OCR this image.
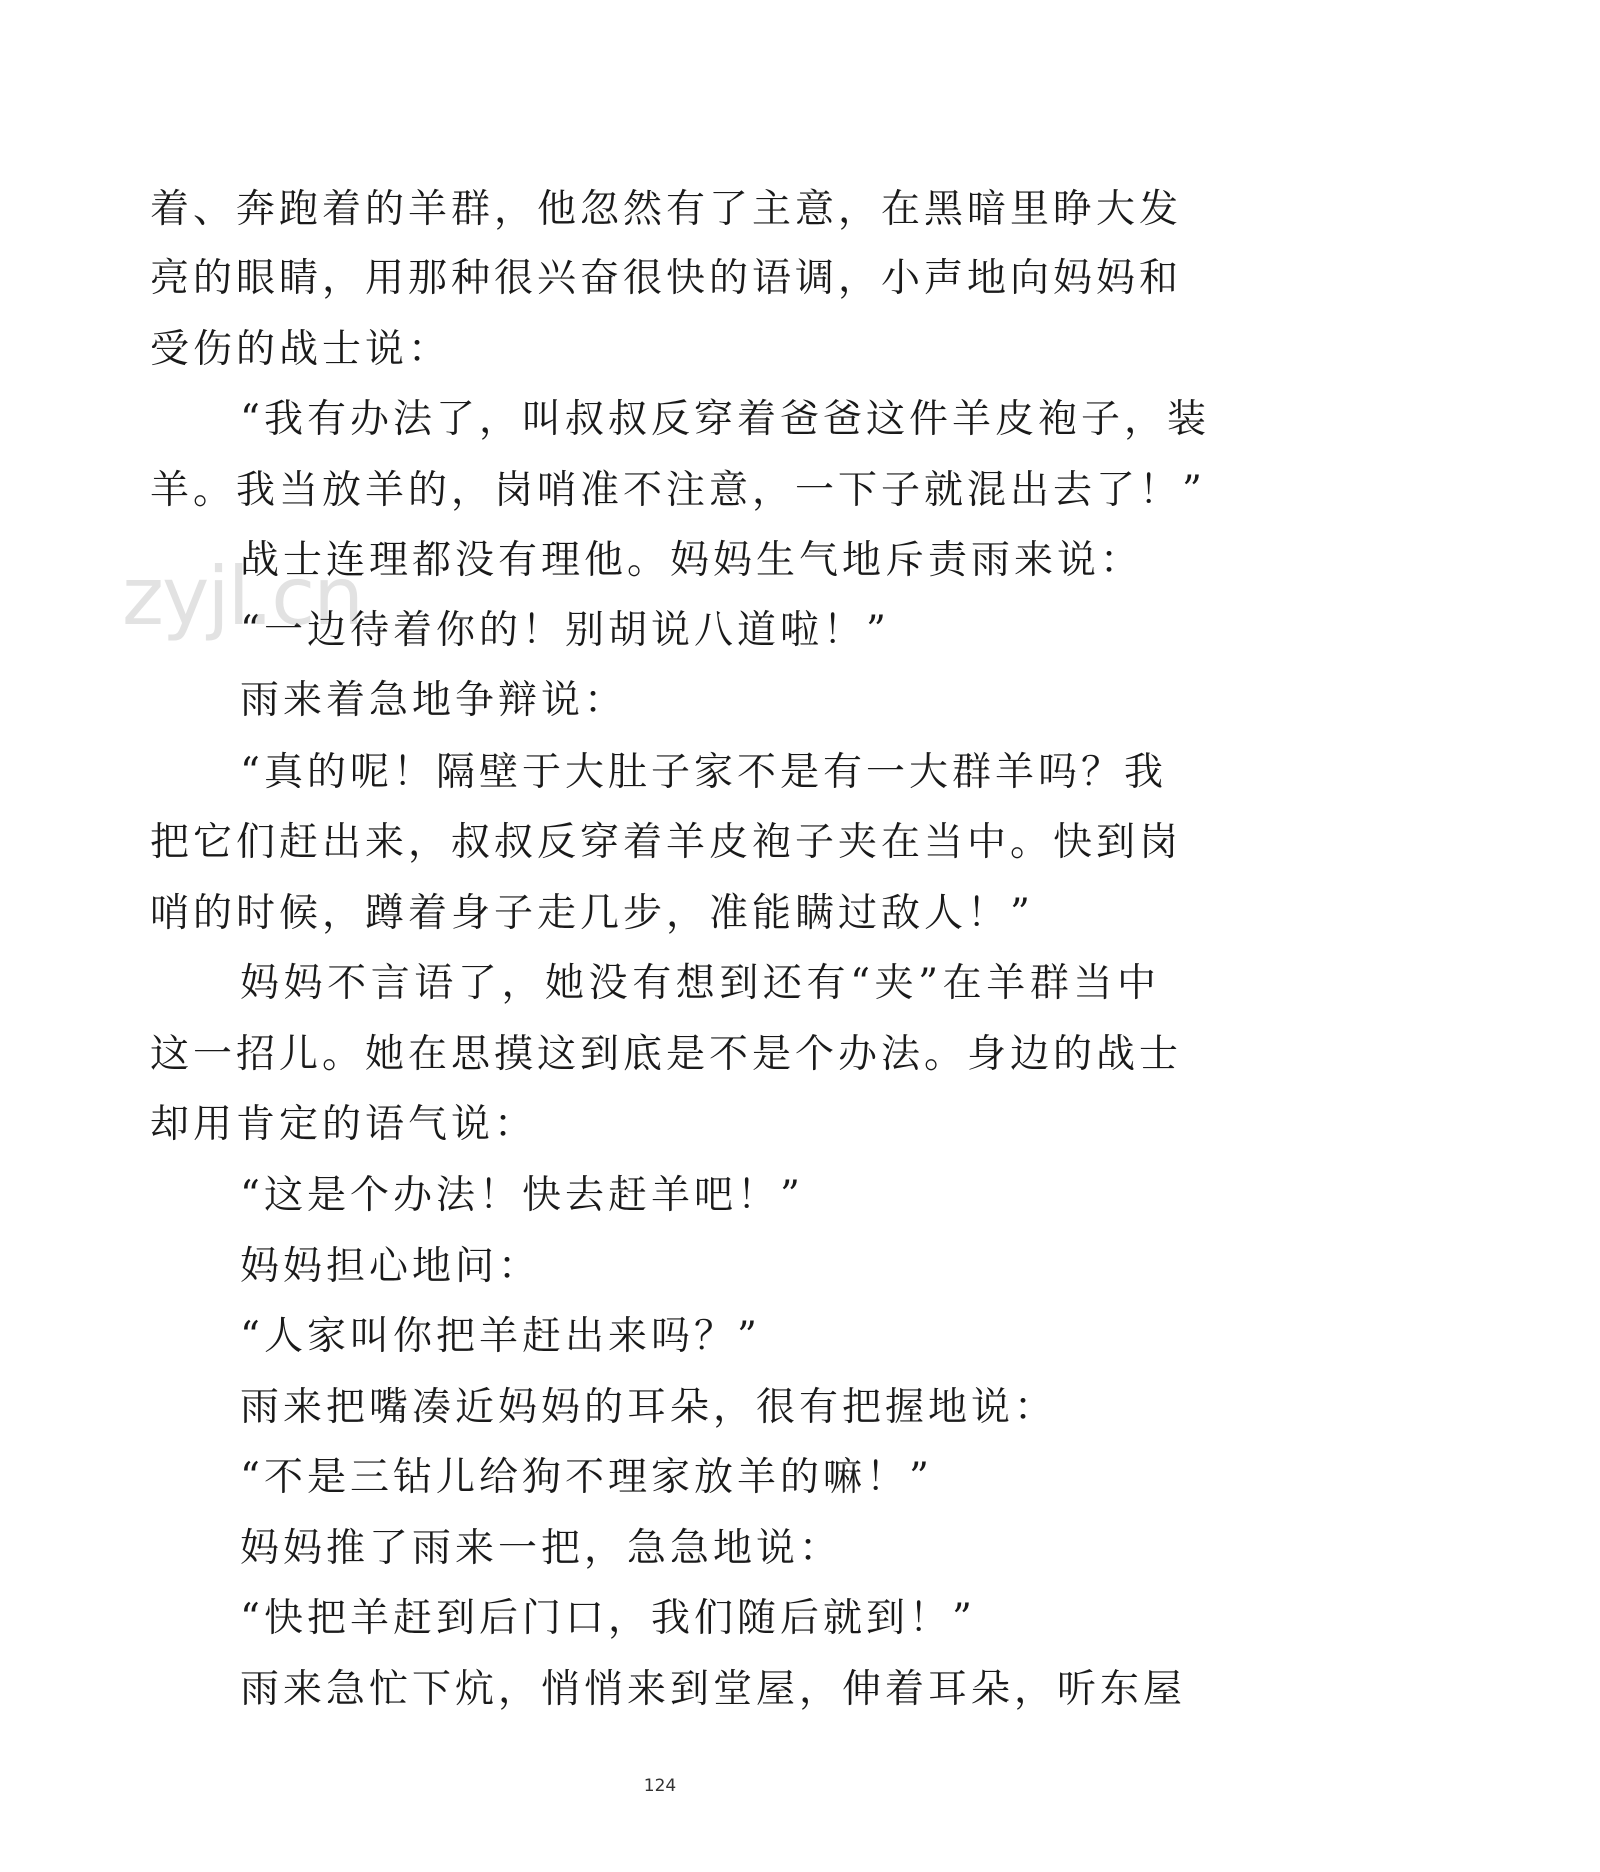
着、奔跑着的羊群，他忽然有了主意，在黑暗里睁大发
亮的眼睛，用那种很兴奋很快的语调，小声地向妈妈和
受伤的战士说：
“我有办法了，叫叔叔反穿着爸爸这件羊皮袍子，装
羊。我当放羊的，岗哨准不注意，一下子就混出去了！”
战士连理都没有理他。妈妈生气地斥责雨来说：
“一边待着你的！别胡说八道啦！”
雨来着急地争辩说：
“真的呢！隔壁于大肚子家不是有一大群羊吗？我
把它们赶出来，叔叔反穿着羊皮袍子夹在当中。快到岗
哨的时候，蹲着身子走几步，准能瞒过敌人！”
妈妈不言语了，她没有想到还有“夹”在羊群当中
这一招儿。她在思摸这到底是不是个办法。身边的战士
却用肯定的语气说：
“这是个办法！快去赶羊吧！”
妈妈担心地问：
“人家叫你把羊赶出来吗？”
雨来把嘴凑近妈妈的耳朵，很有把握地说：
“不是三钻儿给狗不理家放羊的嘛！”
妈妈推了雨来一把，急急地说：
“快把羊赶到后门口，我们随后就到！”
雨来急忙下炕，悄悄来到堂屋，伸着耳朵，听东屋
zyjl.cn
124
